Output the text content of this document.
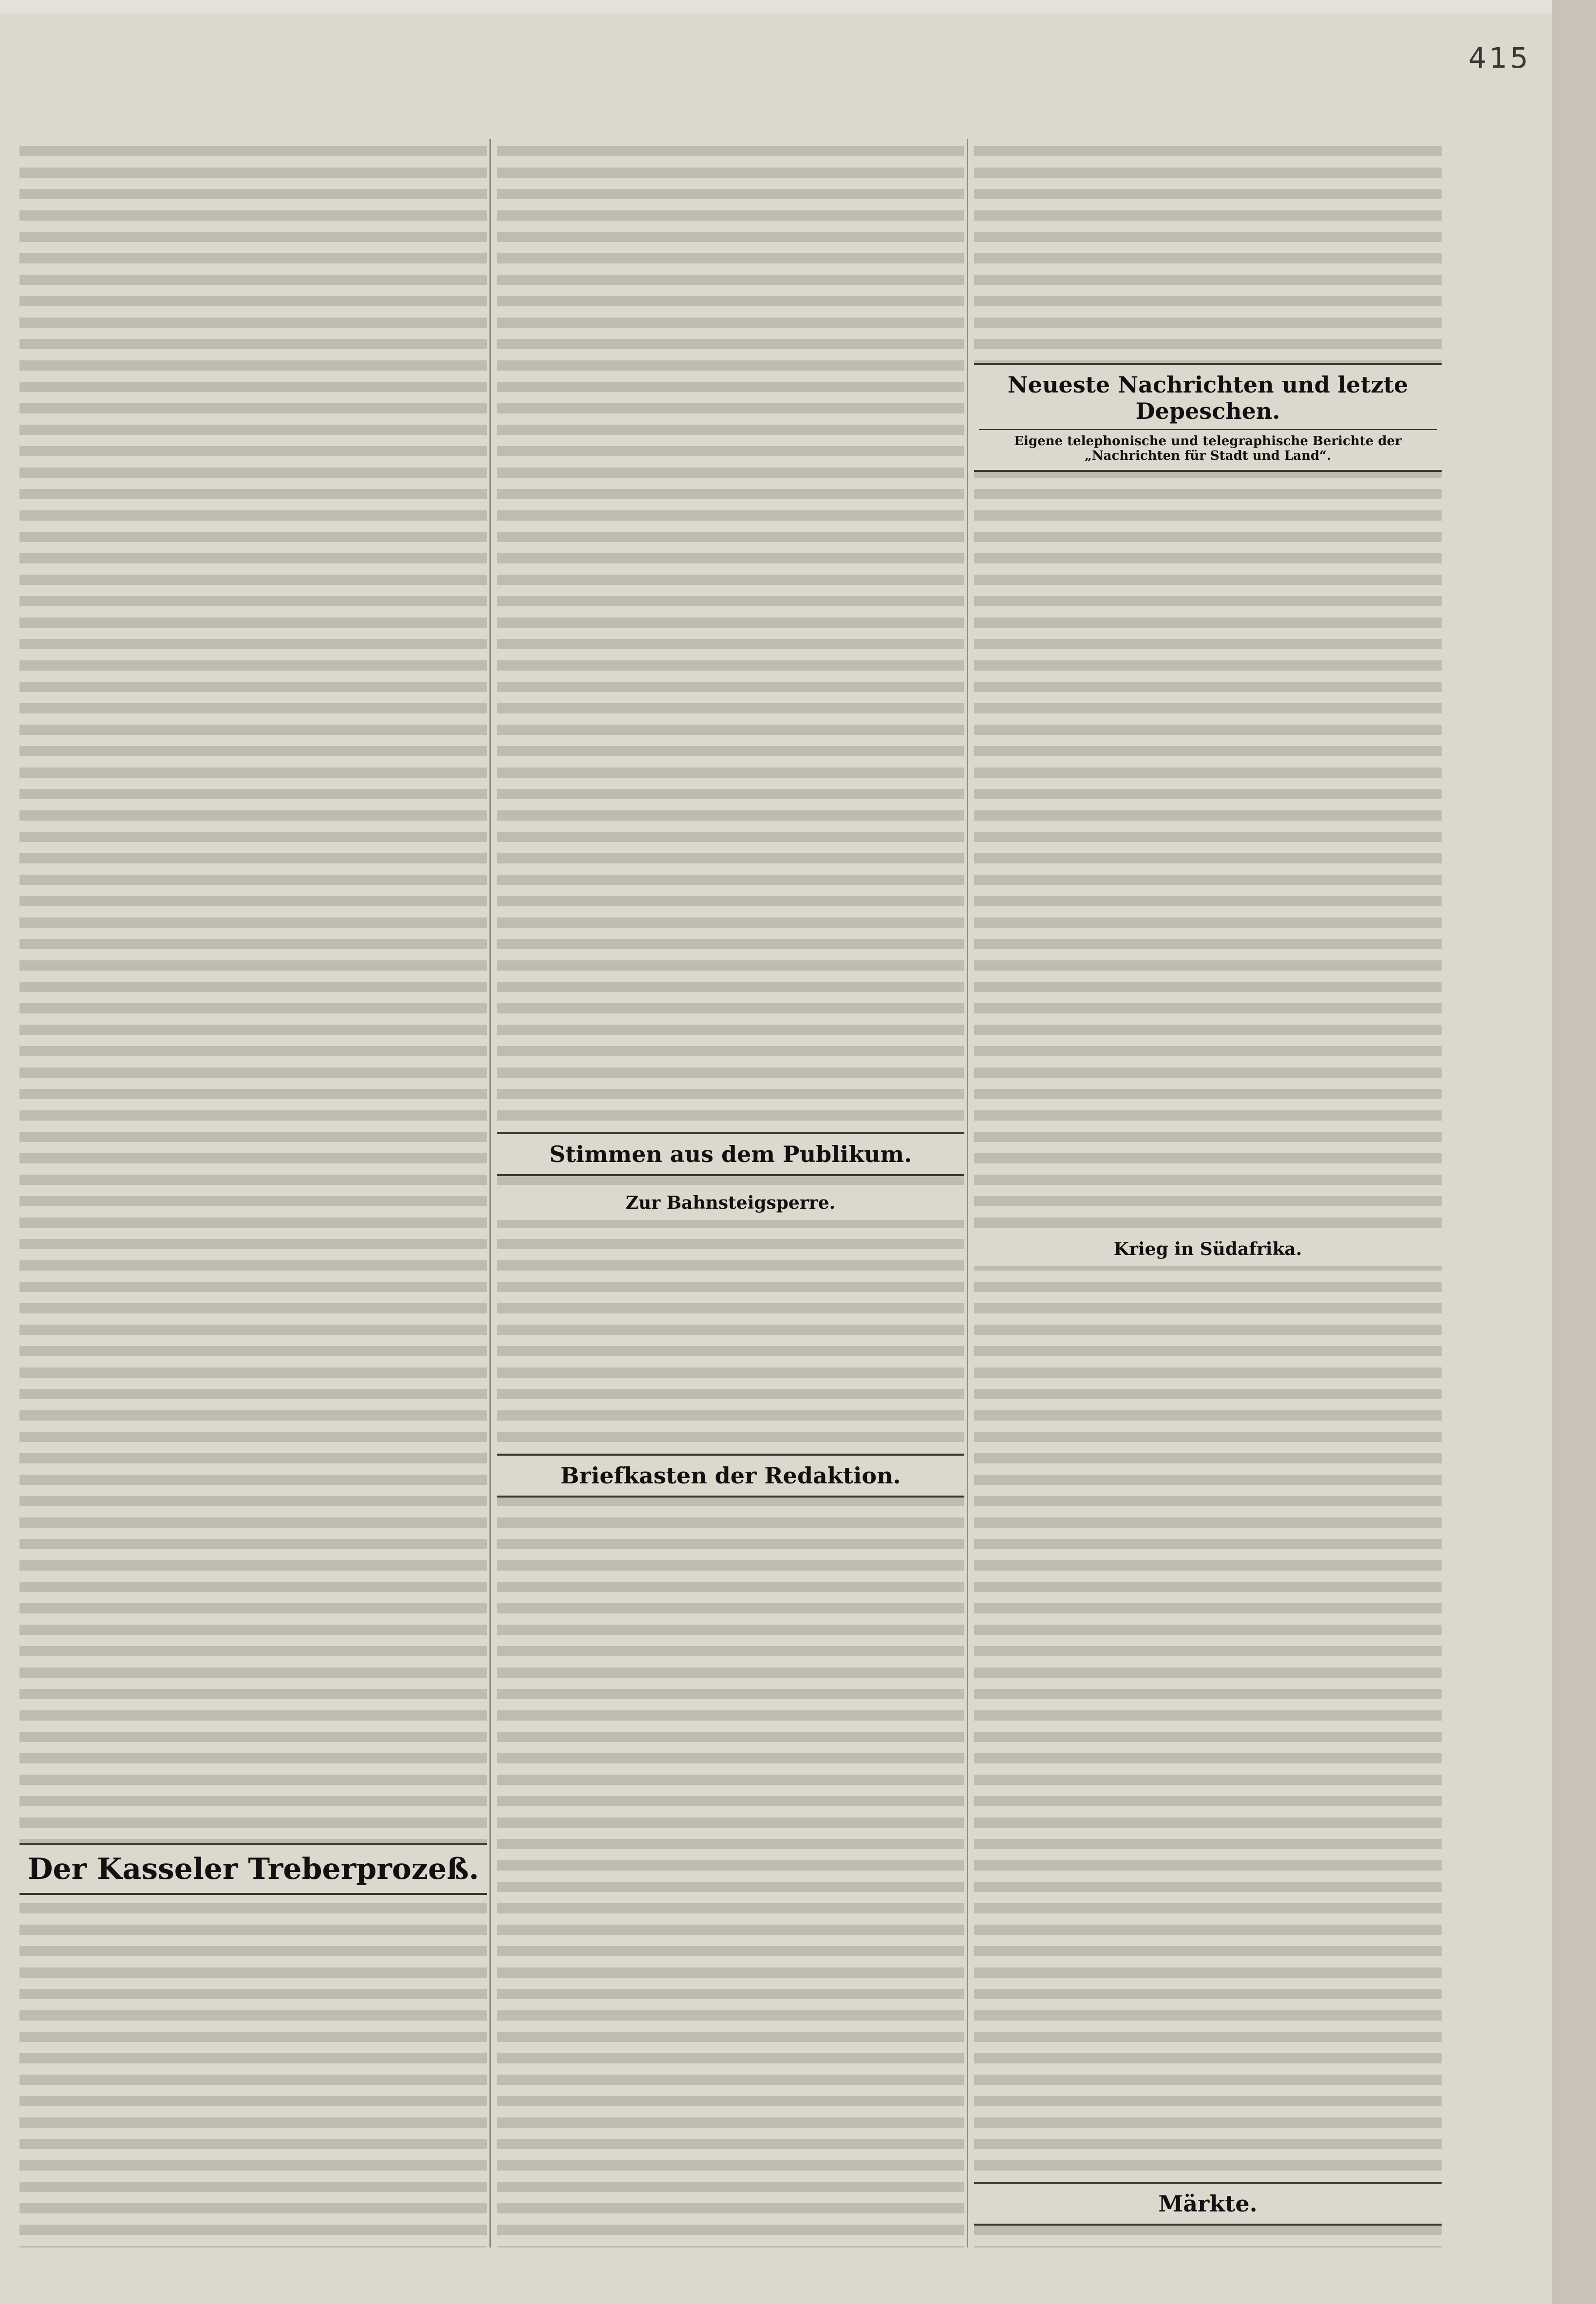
415
Der Kasseler Treberprozeß.
Stimmen aus dem Publikum.
Zur Bahnsteigsperre.
Briefkasten der Redaktion.
Neueste Nachrichten und letzte Depeschen.
Eigene telephonische und telegraphische Berichte der „Nachrichten für Stadt und Land“.
Krieg in Südafrika.
Märkte.
